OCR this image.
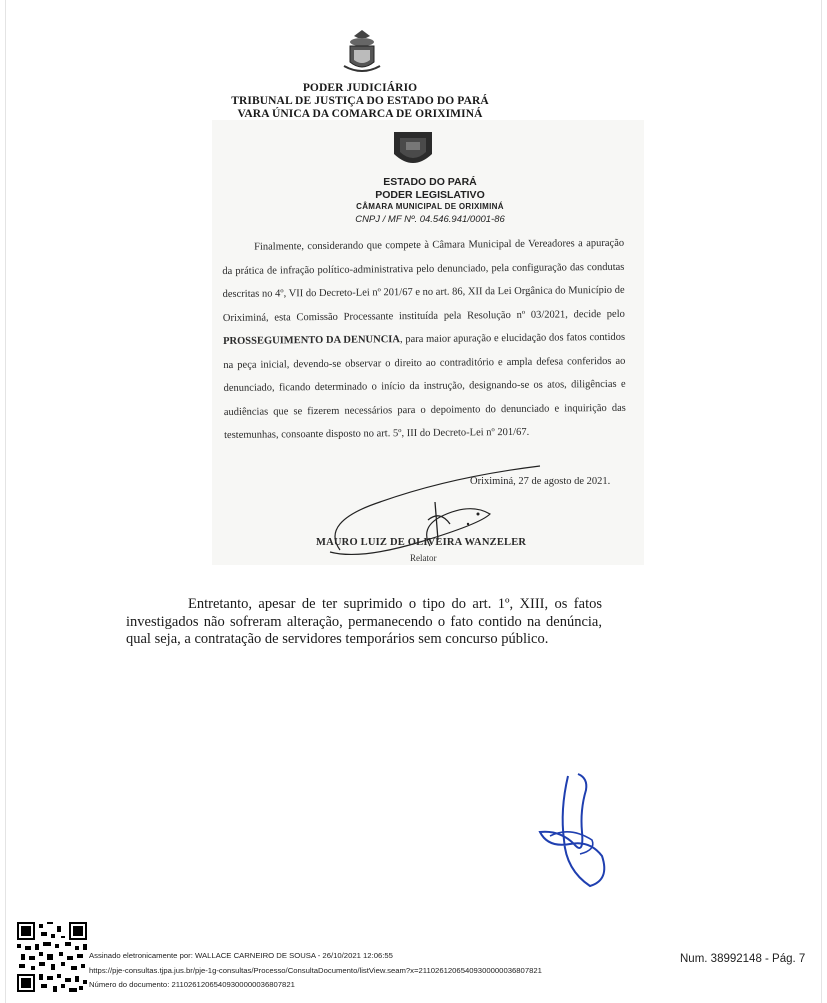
PODER JUDICIÁRIO
TRIBUNAL DE JUSTIÇA DO ESTADO DO PARÁ
VARA ÚNICA DA COMARCA DE ORIXIMINÁ
ESTADO DO PARÁ
PODER LEGISLATIVO
CÂMARA MUNICIPAL DE ORIXIMINÁ
CNPJ / MF Nº. 04.546.941/0001-86
Finalmente, considerando que compete à Câmara Municipal de Vereadores a apuração da prática de infração político-administrativa pelo denunciado, pela configuração das condutas descritas no 4º, VII do Decreto-Lei nº 201/67 e no art. 86, XII da Lei Orgânica do Município de Oriximiná, esta Comissão Processante instituída pela Resolução nº 03/2021, decide pelo PROSSEGUIMENTO DA DENUNCIA, para maior apuração e elucidação dos fatos contidos na peça inicial, devendo-se observar o direito ao contraditório e ampla defesa conferidos ao denunciado, ficando determinado o início da instrução, designando-se os atos, diligências e audiências que se fizerem necessários para o depoimento do denunciado e inquirição das testemunhas, consoante disposto no art. 5º, III do Decreto-Lei nº 201/67.
Oriximiná, 27 de agosto de 2021.
MAURO LUIZ DE OLIVEIRA WANZELER
Relator
Entretanto, apesar de ter suprimido o tipo do art. 1º, XIII, os fatos investigados não sofreram alteração, permanecendo o fato contido na denúncia, qual seja, a contratação de servidores temporários sem concurso público.
Assinado eletronicamente por: WALLACE CARNEIRO DE SOUSA - 26/10/2021 12:06:55
https://pje-consultas.tjpa.jus.br/pje-1g-consultas/Processo/ConsultaDocumento/listView.seam?x=21102612065409300000036807821
Número do documento: 21102612065409300000036807821
Num. 38992148 - Pág. 7
